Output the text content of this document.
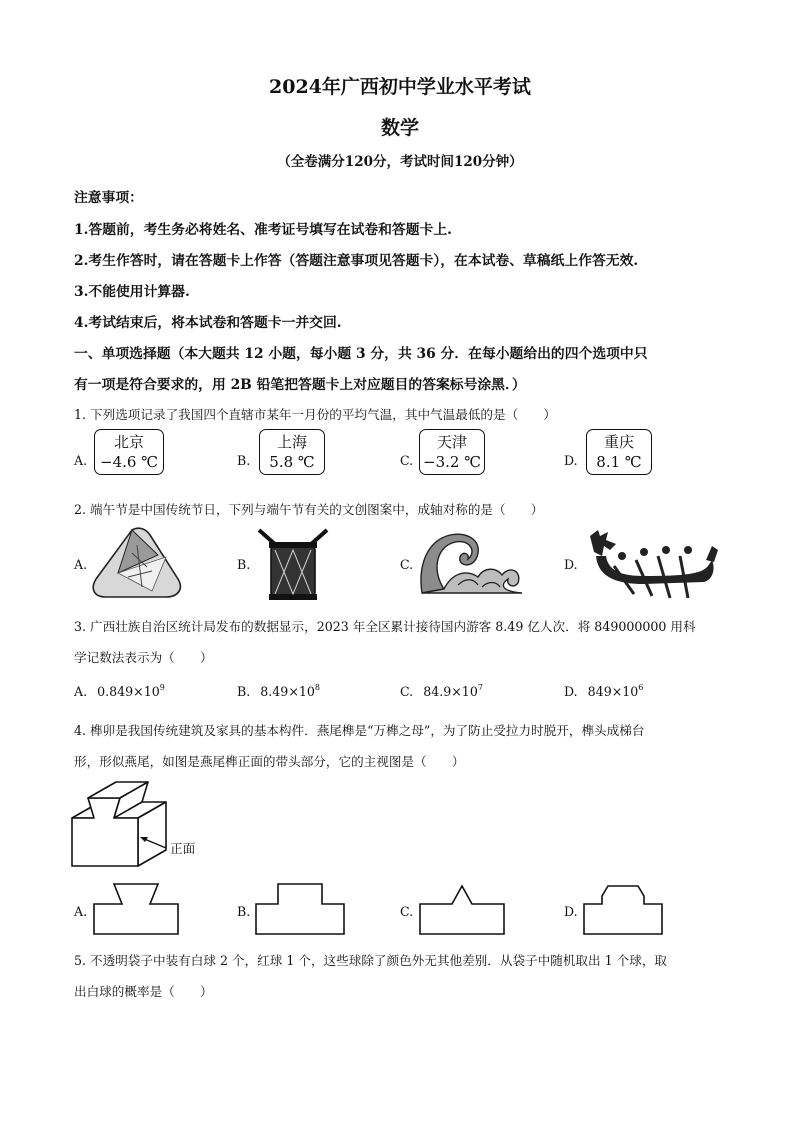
2024年广西初中学业水平考试
数学
（全卷满分120分，考试时间120分钟）
注意事项：
1.答题前，考生务必将姓名、准考证号填写在试卷和答题卡上.
2.考生作答时，请在答题卡上作答（答题注意事项见答题卡），在本试卷、草稿纸上作答无效.
3.不能使用计算器.
4.考试结束后，将本试卷和答题卡一并交回.
一、单项选择题（本大题共 12 小题，每小题 3 分，共 36 分．在每小题给出的四个选项中只
有一项是符合要求的，用 2B 铅笔把答题卡上对应题目的答案标号涂黑．）
1. 下列选项记录了我国四个直辖市某年一月份的平均气温，其中气温最低的是（　　）
A.
北京
−4.6 ℃	B.
上海
5.8 ℃	C.
天津
−3.2 ℃	D.
重庆
8.1 ℃
2. 端午节是中国传统节日，下列与端午节有关的文创图案中，成轴对称的是（　　）
A.	B.	C.	D.
3. 广西壮族自治区统计局发布的数据显示，2023 年全区累计接待国内游客 8.49 亿人次．将 849000000 用科
学记数法表示为（　　）
A. $0.849\times 10^9$	B. $8.49\times 10^8$	C. $84.9\times 10^7$	D. $849\times 10^6$
4. 榫卯是我国传统建筑及家具的基本构件．燕尾榫是“万榫之母”，为了防止受拉力时脱开，榫头成梯台
形，形似燕尾，如图是燕尾榫正面的带头部分，它的主视图是（　　）
正面
A.	B.	C.	D.
5. 不透明袋子中装有白球 2 个，红球 1 个，这些球除了颜色外无其他差别．从袋子中随机取出 1 个球，取
出白球的概率是（　　）
